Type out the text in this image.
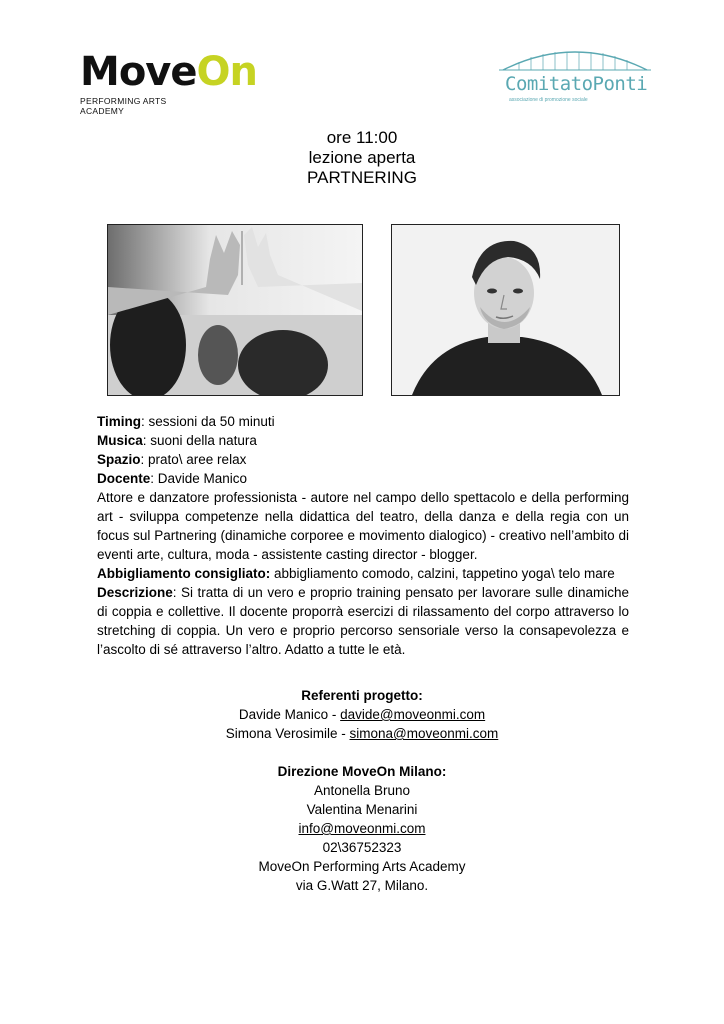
MoveOn
PERFORMING ARTS ACADEMY
ComitatoPonti
associazione di promozione sociale
ore 11:00
lezione aperta
PARTNERING

Timing: sessioni da 50 minuti

Musica: suoni della natura

Spazio: prato\ aree relax

Docente: Davide Manico

Attore e danzatore professionista - autore nel campo dello spettacolo e della performing art - sviluppa competenze nella didattica del teatro, della danza e della regia con un focus sul Partnering (dinamiche corporee e movimento dialogico) - creativo nell’ambito di eventi arte, cultura, moda - assistente casting director - blogger.

Abbigliamento consigliato: abbigliamento comodo, calzini, tappetino yoga\ telo mare

Descrizione: Si tratta di un vero e proprio training pensato per lavorare sulle dinamiche di coppia e collettive. Il docente proporrà esercizi di rilassamento del corpo attraverso lo stretching di coppia. Un vero e proprio percorso sensoriale verso la consapevolezza e l’ascolto di sé attraverso l’altro. Adatto a tutte le età.

Referenti progetto:
Davide Manico - davide@moveonmi.com
Simona Verosimile - simona@moveonmi.com
Direzione MoveOn Milano:
Antonella Bruno
Valentina Menarini
info@moveonmi.com
02\36752323
MoveOn Performing Arts Academy
via G.Watt 27, Milano.
